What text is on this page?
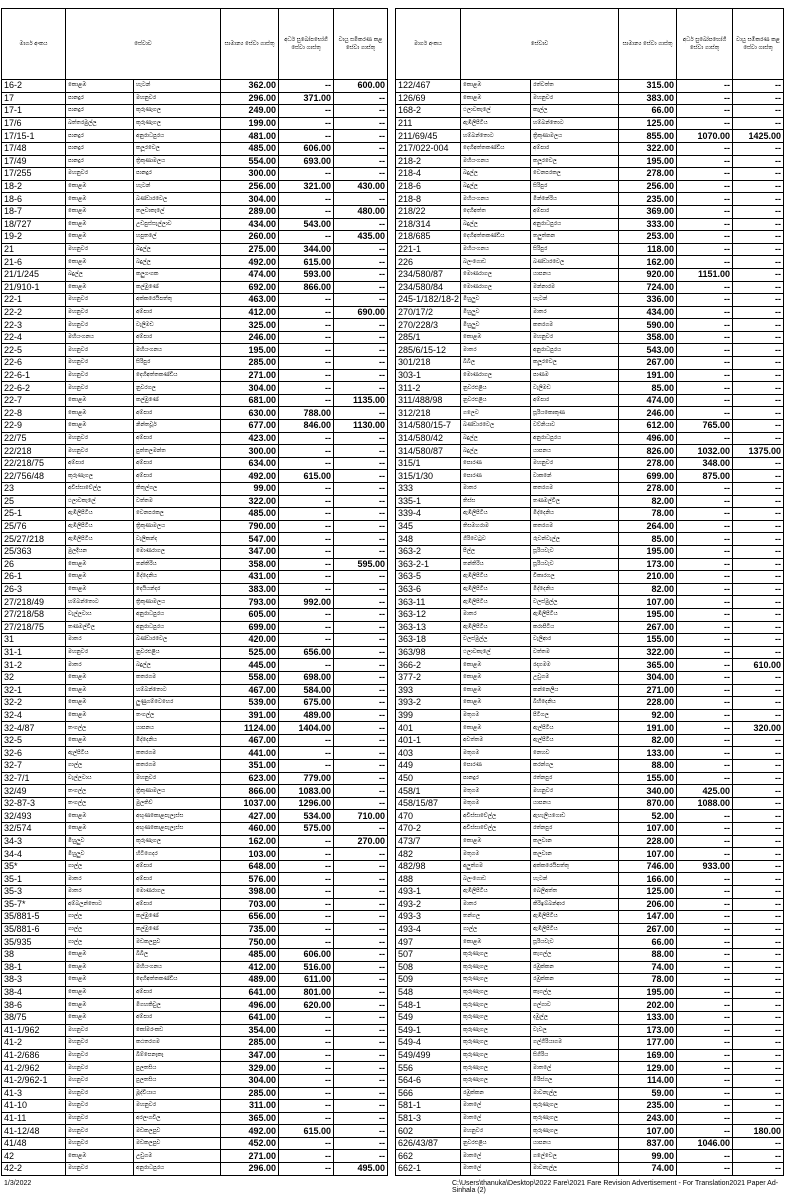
මාර්ග අංකය	සේවාව		සාමාන්‍ය සේවා ගාස්තු	අර්ධ සුඛෝපභෝගී සේවා ගාස්තු	වායු සමීකරණ කළ සේවා ගාස්තු
16-2	කොළඹ	හැටන්	362.00	--	600.00
17	පානදුර	මහනුවර	296.00	371.00	--
17-1	පානදුර	කුරුණෑගල	249.00	--	--
17/6	බත්තරමුල්ල	කුරුණෑගල	199.00	--	--
17/15-1	පානදුර	අනුරාධපුරය	481.00	--	--
17/48	පානදුර	කලූරවෙල	485.00	606.00	--
17/49	පානදුර	ත්‍රිකුණාමලය	554.00	693.00	--
17/255	මහනුවර	පානදුර	300.00	--	--
18-2	කොළඹ	හැටන්	256.00	321.00	430.00
18-6	කොළඹ	බණ්ඩාරවෙල	304.00	--	--
18-7	කොළඹ	තලවාකැලේ	289.00	--	480.00
18/727	කොළඹ	උඩපුස්සැල්ලාව	434.00	543.00	--
19-2	කොළඹ	හපුතලේ	260.00	--	435.00
21	මහනුවර	බදුල්ල	275.00	344.00	--
21-6	කොළඹ	බදුල්ල	492.00	615.00	--
21/1/245	බදුල්ල	කලුගංගක	474.00	593.00	--
21/910-1	කොළඹ	කල්මුණේ	692.00	866.00	--
22-1	මහනුවර	අක්කරෙයිපත්තු	463.00	--	--
22-2	මහනුවර	අම්පාර	412.00	--	690.00
22-3	මහනුවර	වැලිමඩ	325.00	--	--
22-4	මහියංගනය	අම්පාර	246.00	--	--
22-5	මහනුවර	මහියංගනය	195.00	--	--
22-6	මහනුවර	සිරිපුර	285.00	--	--
22-6-1	මහනුවර	දෙහිඅත්තකණ්ඩිය	271.00	--	--
22-6-2	මහනුවර	නුවරගල	304.00	--	--
22-7	කොළඹ	කල්මුණේ	681.00	--	1135.00
22-8	කොළඹ	අම්පාර	630.00	788.00	--
22-9	කොළඹ	නින්තවූර්	677.00	846.00	1130.00
22/75	මහනුවර	අම්පාර	423.00	--	--
22/218	මහනුවර	පුත්තලමන්ත	300.00	--	--
22/218/75	අම්පාර	අම්පාර	634.00	--	--
22/756/48	කුරුණෑගල	අම්පාර	492.00	615.00	--
23	අවිස්සාවේල්ල	කිතුල්ගල	99.00	--	--
25	ථලාවකැලේ	වත්තම	322.00	--	--
25-1	ඇඹිලිපිටිය	වෙනපරකල	485.00	--	--
25/76	ඇඹිලිපිටිය	ත්‍රිකුණාමලය	790.00	--	--
25/27/218	ඇඹිලිපිටිය	වැලිකන්ද	547.00	--	--
25/363	මුලදියන	මොණරාගල	347.00	--	--
26	කොළඹ	තන්තිරිය	358.00	--	595.00
26-1	කොළඹ	මිද්දෙනිය	431.00	--	--
26-3	කොළඹ	දෙයියන්දර	383.00	--	--
27/218/49	හම්බන්තොට	ත්‍රිකුණාමලය	793.00	992.00	--
27/218/58	වැල්ලවාය	අනුරාධපුරය	605.00	--	--
27/218/75	තණමල්විල	අනුරාධපුරය	699.00	--	--
31	මාතර	බණ්ඩාරවෙල	420.00	--	--
31-1	මහනුවර	නුවරඑළිය	525.00	656.00	--
31-2	මාතර	බදුල්ල	445.00	--	--
32	කොළඹ	කතරගම	558.00	698.00	--
32-1	කොළඹ	හම්බන්තොට	467.00	584.00	--
32-2	කොළඹ	ලුණුගම්වෙහෙර	539.00	675.00	--
32-4	කොළඹ	තංගල්ල	391.00	489.00	--
32-4/87	තංගල්ල	යාපනය	1124.00	1404.00	--
32-5	කොළඹ	මිද්දෙනිය	467.00	--	--
32-6	ඇල්පිටිය	කතරගම	441.00	--	--
32-7	ගාල්ල	කතරගම	351.00	--	--
32-7/1	වැල්ලවාය	මහනුවර	623.00	779.00	--
32/49	තංගල්ල	ත්‍රිකුණාමලය	866.00	1083.00	--
32-87-3	තංගල්ල	මුලතිව්	1037.00	1296.00	--
32/493	කොළඹ	අඟුණකොළපැලැස්ස	427.00	534.00	710.00
32/574	කොළඹ	අඟුණකොළපැලැස්ස	460.00	575.00	--
34-3	මිහුලුව	කුරුණෑගල	162.00	--	270.00
34-4	මිහුලුව	හිටිගෙදර	103.00	--	--
35*	ගාල්ල	අම්පාර	648.00	--	--
35-1	මාතර	අම්පාර	576.00	--	--
35-3	මාතර	මොණරාගල	398.00	--	--
35-7*	අම්බලන්තොට	අම්පාර	703.00	--	--
35/881-5	ගාල්ල	කල්මුණේ	656.00	--	--
35/881-6	ගාල්ල	කල්මුණේ	735.00	--	--
35/935	ගාල්ල	මඩකලපුව	750.00	--	--
38	කොළඹ	බිබිල	485.00	606.00	--
38-1	කොළඹ	මහියංගනය	412.00	516.00	--
38-3	කොළඹ	දෙහිඅත්තකණ්ඩිය	489.00	611.00	--
38-4	කොළඹ	අම්පාර	641.00	801.00	--
38-6	කොළඹ	මීගහකිවුල	496.00	620.00	--
38/75	කොළඹ	අම්පාර	641.00	--	--
41-1/962	මහනුවර	කෝමරංකඩ	354.00	--	--
41-2	මහනුවර	කඨතරගම	285.00	--	--
41-2/686	මහනුවර	බිම්පෙනෑකෑ	347.00	--	--
41-2/962	මහනුවර	පුලතසිය	329.00	--	--
41-2/962-1	මහනුවර	පුලතසිය	304.00	--	--
41-3	මහනුවර	මූද්වියාය	285.00	--	--
41-10	මහනුවර	මහනුවර	311.00	--	--
41-11	මහනුවර	අරලංගවිල	365.00	--	--
41-12/48	මහනුවර	මඩකලපුව	492.00	615.00	--
41/48	මහනුවර	මඩකලපුව	452.00	--	--
42	කොළඹ	උඩුගම	271.00	--	--
42-2	මහනුවර	අනුරාධපුරය	296.00	--	495.00
මාර්ග අංකය	සේවාව		සාමාන්‍ය සේවා ගාස්තු	අර්ධ සුඛෝපභෝගී සේවා ගාස්තු	වායු සමීකරණ කළ සේවා ගාස්තු
122/467	කොළඹ	රත්වත්ත	315.00	--	--
126/69	කොළඹ	මහනුවර	383.00	--	--
168-2	ථලාවකැලේ	කැල්ල	66.00	--	--
211	ඇඹිලිපිටිය	හම්බන්තොට	125.00	--	--
211/69/45	හම්බන්තොට	ත්‍රිකුණාමලය	855.00	1070.00	1425.00
217/022-004	දෙහිඅත්තකණ්ඩිය	අම්පාර	322.00	--	--
218-2	මහියංගනය	කලූරවෙල	195.00	--	--
218-4	බදුල්ල	වෙනපරකල	278.00	--	--
218-6	බදුල්ල	සිරිපුර	256.00	--	--
218-8	මහියංගනය	මින්නේරිය	235.00	--	--
218/22	දෙහිඅත්ත	අම්පාර	369.00	--	--
218/314	බදුල්ල	අනුරාධපුරය	333.00	--	--
218/685	දෙහිඅත්තකණ්ඩිය	තලුත්කන	253.00	--	--
221-1	මහියංගනය	සිරිපුර	118.00	--	--
226	බලංගොඩ	බණ්ඩාරවෙල	162.00	--	--
234/580/87	මොණරාගල	යාපනය	920.00	1151.00	--
234/580/84	මොණරාගල	මන්නාරම	724.00	--	--
245-1/182/18-2	මිහුලුව	හැටන්	336.00	--	--
270/17/2	මිහුලුව	මාතර	434.00	--	--
270/228/3	මිහුලුව	කතරගම	590.00	--	--
285/1	කොළඹ	මහනුවර	358.00	--	--
285/6/15-12	මාතර	අනුරාධපුරය	543.00	--	--
301/218	බිබිල	කලූරවෙල	267.00	--	--
303-1	මොණරාගල	පාණම	191.00	--	--
311-2	නුවරඑළිය	වැලිමඩ	85.00	--	--
311/488/98	නුවරඑළිය	අම්පාර	474.00	--	--
312/218	ගලෙව	සූරියකොකුණ	246.00	--	--
314/580/15-7	බණ්ඩාරවෙල	වව්නියාව	612.00	765.00	--
314/580/42	බදුල්ල	අනුරාධපුරය	496.00	--	--
314/580/87	බදුල්ල	යාපනය	826.00	1032.00	1375.00
315/1	පොරණ	මහනුවර	278.00	348.00	--
315/1/30	පොරණ	වාකනේ	699.00	875.00	--
333	මාතර	කතරගම	278.00	--	--
335-1	තිස්ස	තණමල්විල	82.00	--	--
339-4	ඇඹිලිපිටිය	මිද්දෙනිය	78.00	--	--
345	තිසමහරාම	කතරගම	264.00	--	--
348	ගිරිවෙටුව	රුවන්වැල්ල	85.00	--	--
363-2	පිල්ල	සූරියවැව	195.00	--	--
363-2-1	තන්තිරිය	සූරියවැව	173.00	--	--
363-5	ඇඹිලිපිටිය	විකාරගල	210.00	--	--
363-6	ඇඹිලිපිටිය	මිද්දෙනිය	82.00	--	--
363-11	ඇඹිලිපිටිය	වලස්මුල්ල	107.00	--	--
363-12	මාතර	ඇඹිලිපිටිය	195.00	--	--
363-13	ඇඹිලිපිටිය	කරාපිටිය	267.00	--	--
363-18	වලස්මුල්ල	වැලිආර	155.00	--	--
363/98	ථලාවකැලේ	වත්තම	322.00	--	--
366-2	කොළඹ	රදාගමම	365.00	--	610.00
377-2	කොළඹ	උඩුගම	304.00	--	--
393	කොළඹ	කන්නෙලිය	271.00	--	--
393-2	කොළඹ	බිහිදෙනිය	228.00	--	--
399	මතුගම	පිටිගල	92.00	--	--
401	කොළඹ	ඇල්පිටිය	191.00	--	320.00
401-1	අවත්තම	ඇල්පිටිය	82.00	--	--
403	මතුගම	නෙහව	133.00	--	--
449	පොරණ	කරන්ගල	88.00	--	--
450	පානදුර	රත්නපුර	155.00	--	--
458/1	මතුගම	මහනුවර	340.00	425.00	--
458/15/87	මතුගම	යාපනය	870.00	1088.00	--
470	අවිස්සාවේල්ල	ඇහැලියගොඩ	52.00	--	--
470-2	අවිස්සාවේල්ල	රත්නපුර	107.00	--	--
473/7	කොළඹ	කලවාන	228.00	--	--
482	මතුගම	කලවාන	107.00	--	--
482/98	අලුත්ගම	අක්කරෙයිපත්තු	746.00	933.00	--
488	බලංගොඩ	හැටන්	166.00	--	--
493-1	ඇඹිලිපිටිය	බෙලිඅත්ත	125.00	--	--
493-2	මාතර	කිරිඉබ්බන්ආර	206.00	--	--
493-3	තන්ගල	ඇඹිලිපිටිය	147.00	--	--
493-4	ගාල්ල	ඇඹිලිපිටිය	267.00	--	--
497	කොළඹ	සූරියවැව	66.00	--	--
507	කුරුණෑගල	කැගල්ල	88.00	--	--
508	කුරුණෑගල	රඹුක්කන	74.00	--	--
509	කුරුණෑගල	රඹුක්කන	78.00	--	--
548	කුරුණෑගල	කෑගල්ල	195.00	--	--
548-1	කුරුණෑගල	ගල්ගාව	202.00	--	--
549	කුරුණෑගල	දඹුල්ල	133.00	--	--
549-1	කුරුණෑගල	වැවල	173.00	--	--
549-4	කුරුණෑගල	ගල්ගිරියාගම	177.00	--	--
549/499	කුරුණෑගල	සිගිරිය	169.00	--	--
556	කුරුණෑගල	මාතලේ	129.00	--	--
564-6	කුරුණෑගල	මීරිස්ගල	114.00	--	--
566	රඹුක්කන	මාවනැල්ල	59.00	--	--
581-1	මාතලේ	කුරුණෑගල	235.00	--	--
581-3	මාතලේ	කුරුණෑගල	243.00	--	--
602	මහනුවර	කුරුණෑගල	107.00	--	180.00
626/43/87	නුවරඑළිය	යාපනය	837.00	1046.00	--
662	මාතලේ	ගලේවෙල	99.00	--	--
662-1	මාතලේ	මාවනැල්ල	74.00	--	--
1/3/2022	C:\Users\thanuka\Desktop\2022 Fare\2021 Fare Revision Advertisement - For Translation2021 Paper Ad-Sinhala (2)
